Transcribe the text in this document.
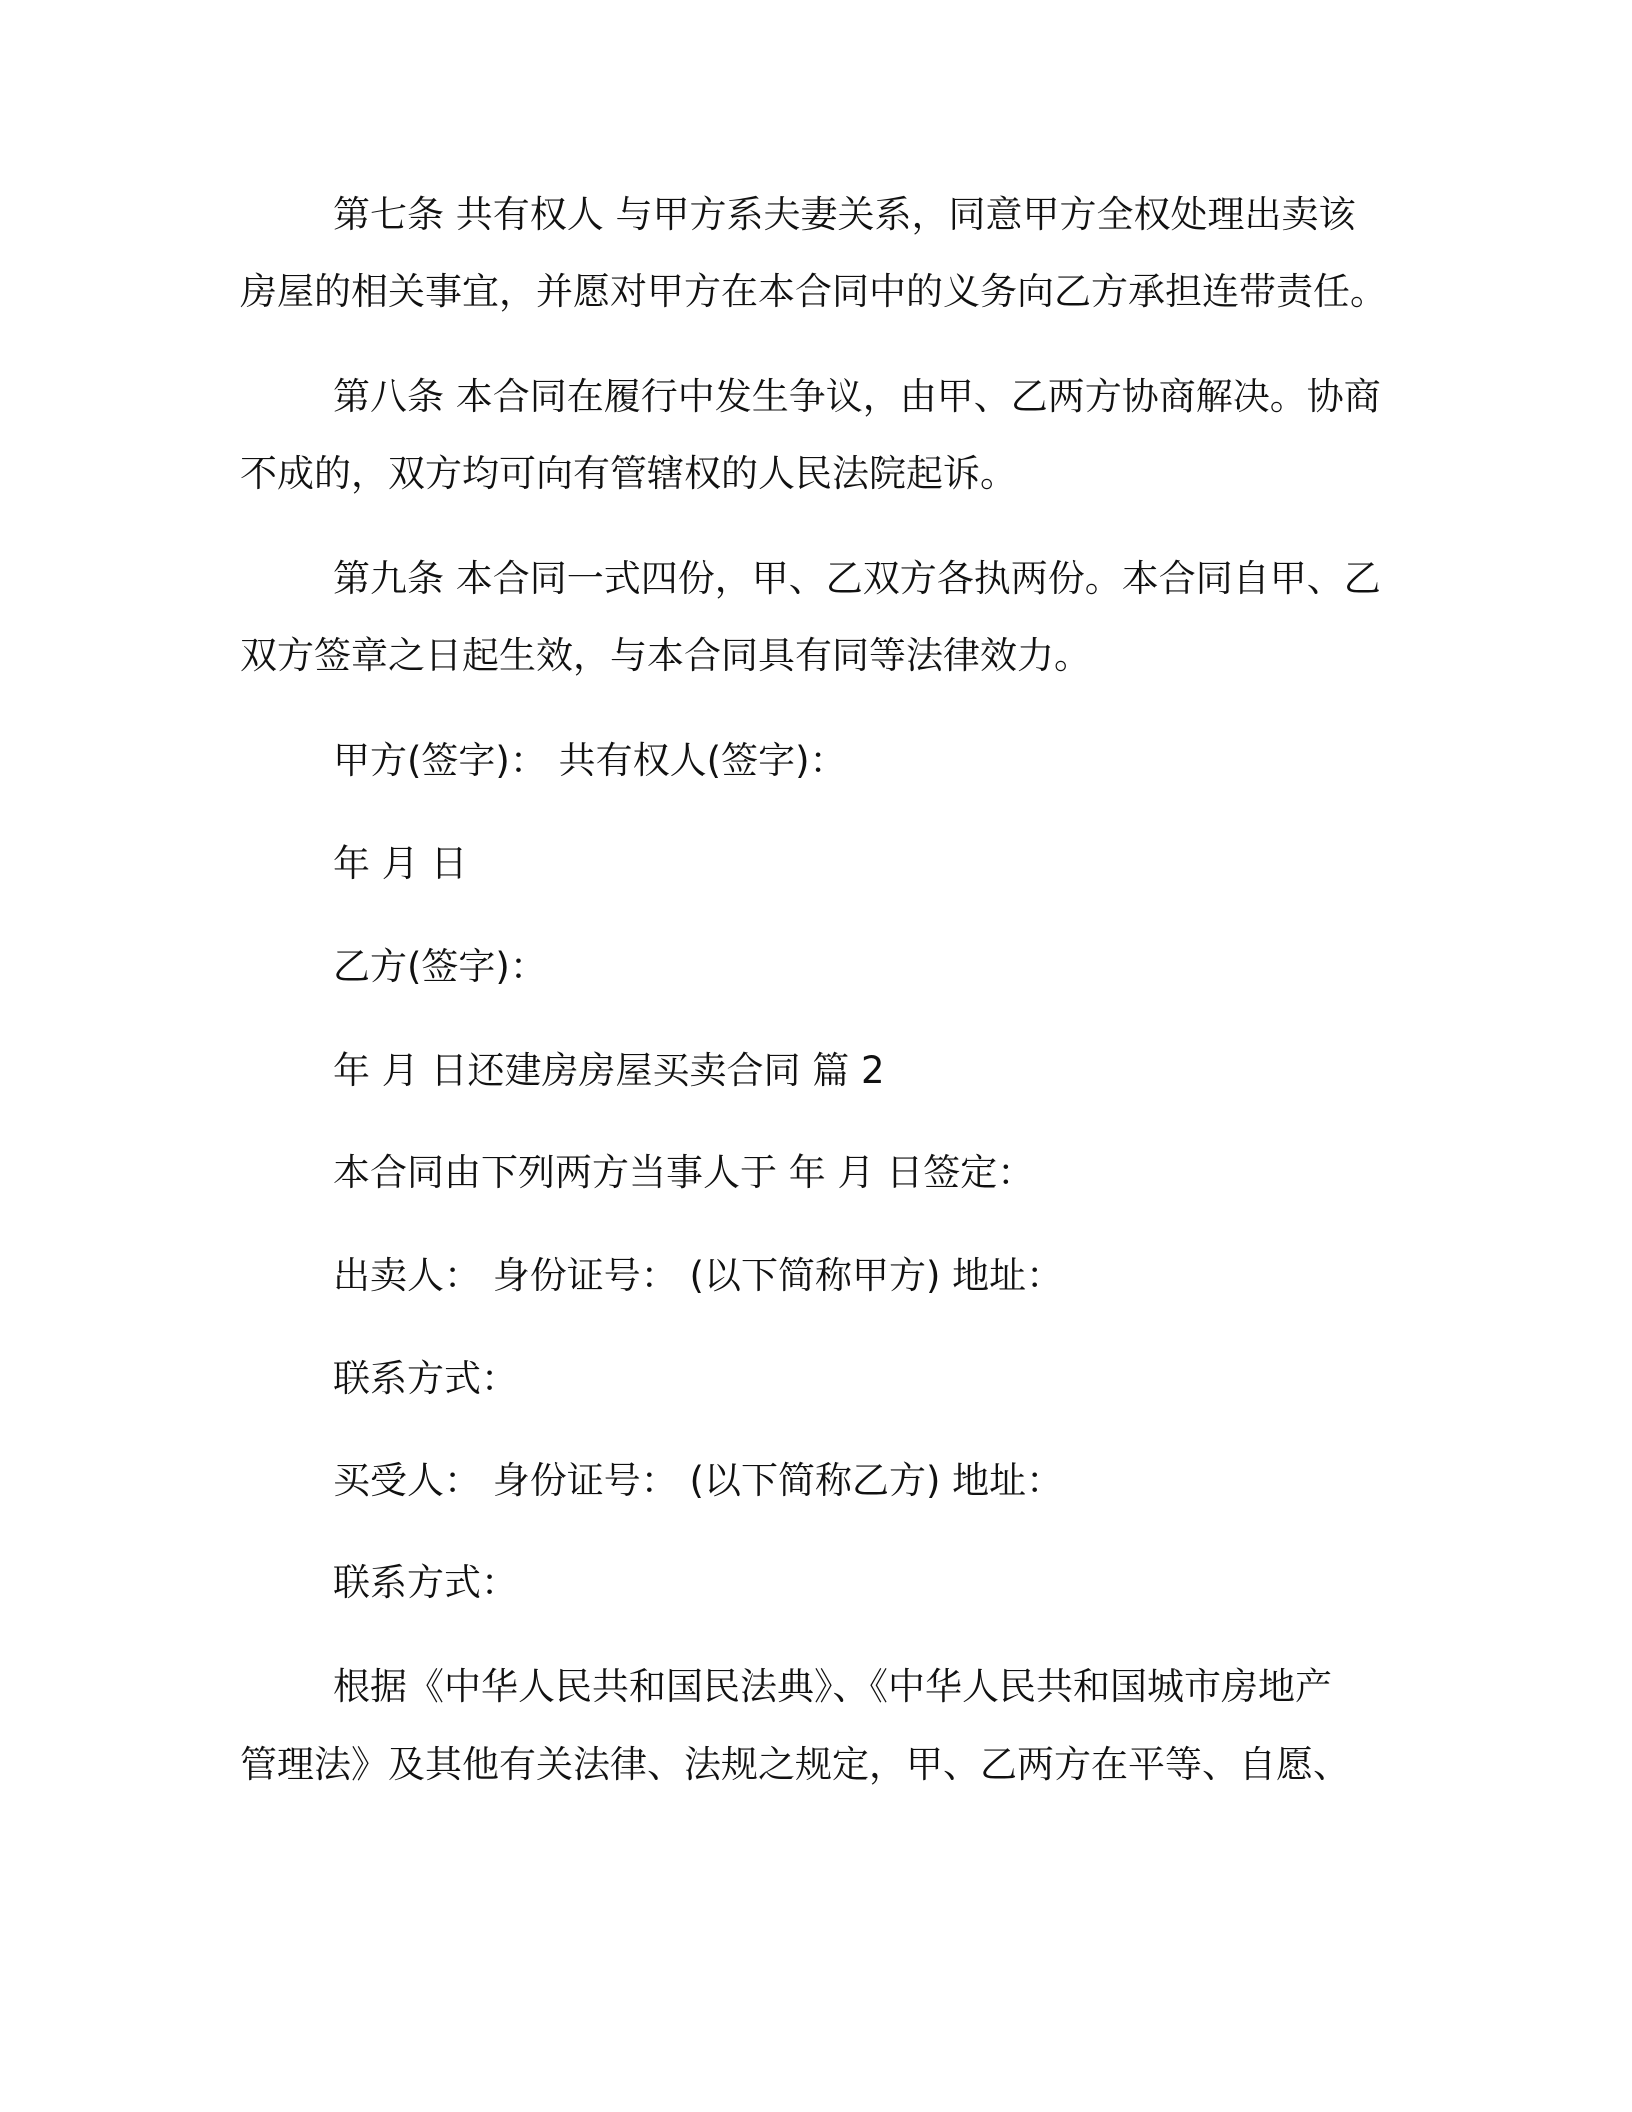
第七条 共有权人 与甲方系夫妻关系，同意甲方全权处理出卖该
房屋的相关事宜，并愿对甲方在本合同中的义务向乙方承担连带责任。
第八条 本合同在履行中发生争议，由甲、乙两方协商解决。协商
不成的，双方均可向有管辖权的人民法院起诉。
第九条 本合同一式四份，甲、乙双方各执两份。本合同自甲、乙
双方签章之日起生效，与本合同具有同等法律效力。
甲方(签字)： 共有权人(签字)：
年 月 日
乙方(签字)：
年 月 日还建房房屋买卖合同 篇 2
本合同由下列两方当事人于 年 月 日签定：
出卖人： 身份证号： (以下简称甲方) 地址：
联系方式：
买受人： 身份证号： (以下简称乙方) 地址：
联系方式：
根据《中华人民共和国民法典》、《中华人民共和国城市房地产
管理法》及其他有关法律、法规之规定，甲、乙两方在平等、自愿、
